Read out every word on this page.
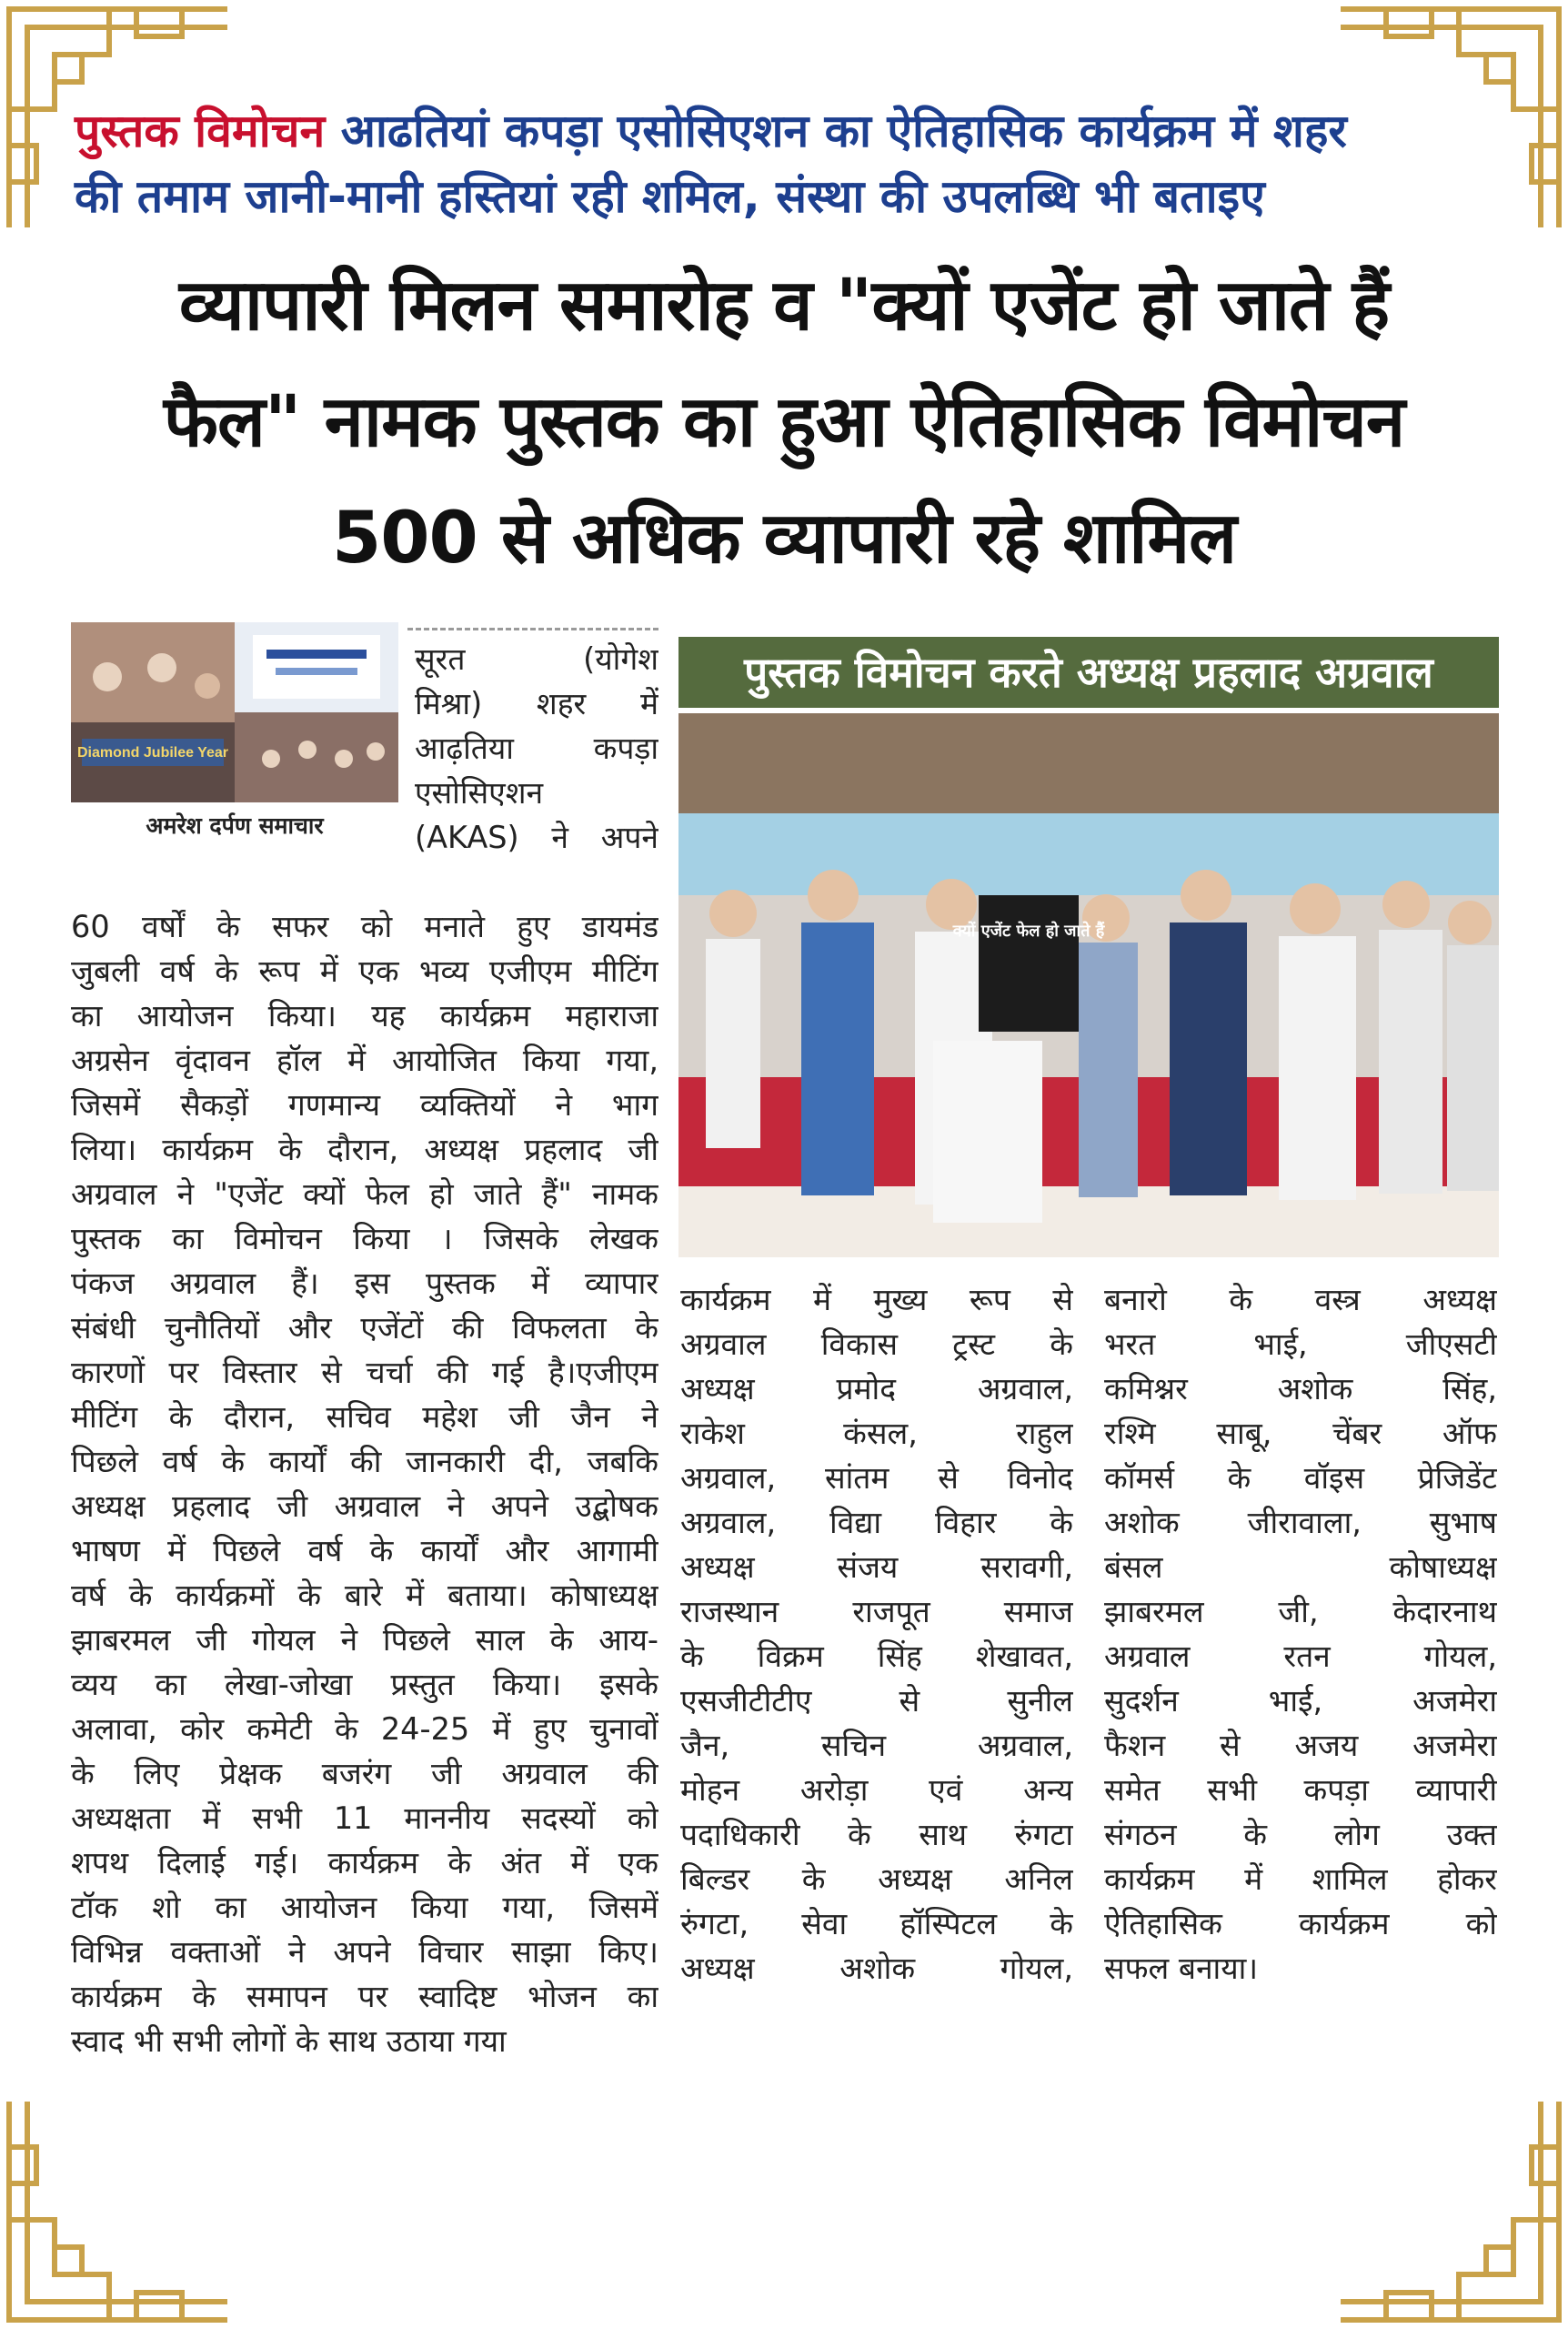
पुस्तक विमोचन आढतियां कपड़ा एसोसिएशन का ऐतिहासिक कार्यक्रम में शहर
की तमाम जानी-मानी हस्तियां रही शमिल, संस्था की उपलब्धि भी बताइए
व्यापारी मिलन समारोह व "क्यों एजेंट हो जाते हैं
फैल" नामक पुस्तक का हुआ ऐतिहासिक विमोचन
500 से अधिक व्यापारी रहे शामिल
Diamond Jubilee Year
अमरेश दर्पण समाचार
सूरत (योगेश
मिश्रा) शहर में
आढ़तिया कपड़ा
एसोसिएशन
(AKAS) ने अपने
60 वर्षों के सफर को मनाते हुए डायमंड
जुबली वर्ष के रूप में एक भव्य एजीएम मीटिंग
का आयोजन किया। यह कार्यक्रम महाराजा
अग्रसेन वृंदावन हॉल में आयोजित किया गया,
जिसमें सैकड़ों गणमान्य व्यक्तियों ने भाग
लिया। कार्यक्रम के दौरान, अध्यक्ष प्रहलाद जी
अग्रवाल ने "एजेंट क्यों फेल हो जाते हैं" नामक
पुस्तक का विमोचन किया । जिसके लेखक
पंकज अग्रवाल हैं। इस पुस्तक में व्यापार
संबंधी चुनौतियों और एजेंटों की विफलता के
कारणों पर विस्तार से चर्चा की गई है।एजीएम
मीटिंग के दौरान, सचिव महेश जी जैन ने
पिछले वर्ष के कार्यों की जानकारी दी, जबकि
अध्यक्ष प्रहलाद जी अग्रवाल ने अपने उद्बोषक
भाषण में पिछले वर्ष के कार्यों और आगामी
वर्ष के कार्यक्रमों के बारे में बताया। कोषाध्यक्ष
झाबरमल जी गोयल ने पिछले साल के आय-
व्यय का लेखा-जोखा प्रस्तुत किया। इसके
अलावा, कोर कमेटी के 24-25 में हुए चुनावों
के लिए प्रेक्षक बजरंग जी अग्रवाल की
अध्यक्षता में सभी 11 माननीय सदस्यों को
शपथ दिलाई गई। कार्यक्रम के अंत में एक
टॉक शो का आयोजन किया गया, जिसमें
विभिन्न वक्ताओं ने अपने विचार साझा किए।
कार्यक्रम के समापन पर स्वादिष्ट भोजन का
स्वाद भी सभी लोगों के साथ उठाया गया
पुस्तक विमोचन करते अध्यक्ष प्रहलाद अग्रवाल
क्यों एजेंट फेल हो जाते हैं
कार्यक्रम में मुख्य रूप से
अग्रवाल विकास ट्रस्ट के
अध्यक्ष प्रमोद अग्रवाल,
राकेश कंसल, राहुल
अग्रवाल, सांतम से विनोद
अग्रवाल, विद्या विहार के
अध्यक्ष संजय सरावगी,
राजस्थान राजपूत समाज
के विक्रम सिंह शेखावत,
एसजीटीटीए से सुनील
जैन, सचिन अग्रवाल,
मोहन अरोड़ा एवं अन्य
पदाधिकारी के साथ रुंगटा
बिल्डर के अध्यक्ष अनिल
रुंगटा, सेवा हॉस्पिटल के
अध्यक्ष अशोक गोयल,
बनारो के वस्त्र अध्यक्ष
भरत भाई, जीएसटी
कमिश्नर अशोक सिंह,
रश्मि साबू, चेंबर ऑफ
कॉमर्स के वॉइस प्रेजिडेंट
अशोक जीरावाला, सुभाष
बंसल कोषाध्यक्ष
झाबरमल जी, केदारनाथ
अग्रवाल रतन गोयल,
सुदर्शन भाई, अजमेरा
फैशन से अजय अजमेरा
समेत सभी कपड़ा व्यापारी
संगठन के लोग उक्त
कार्यक्रम में शामिल होकर
ऐतिहासिक कार्यक्रम को
सफल बनाया।
